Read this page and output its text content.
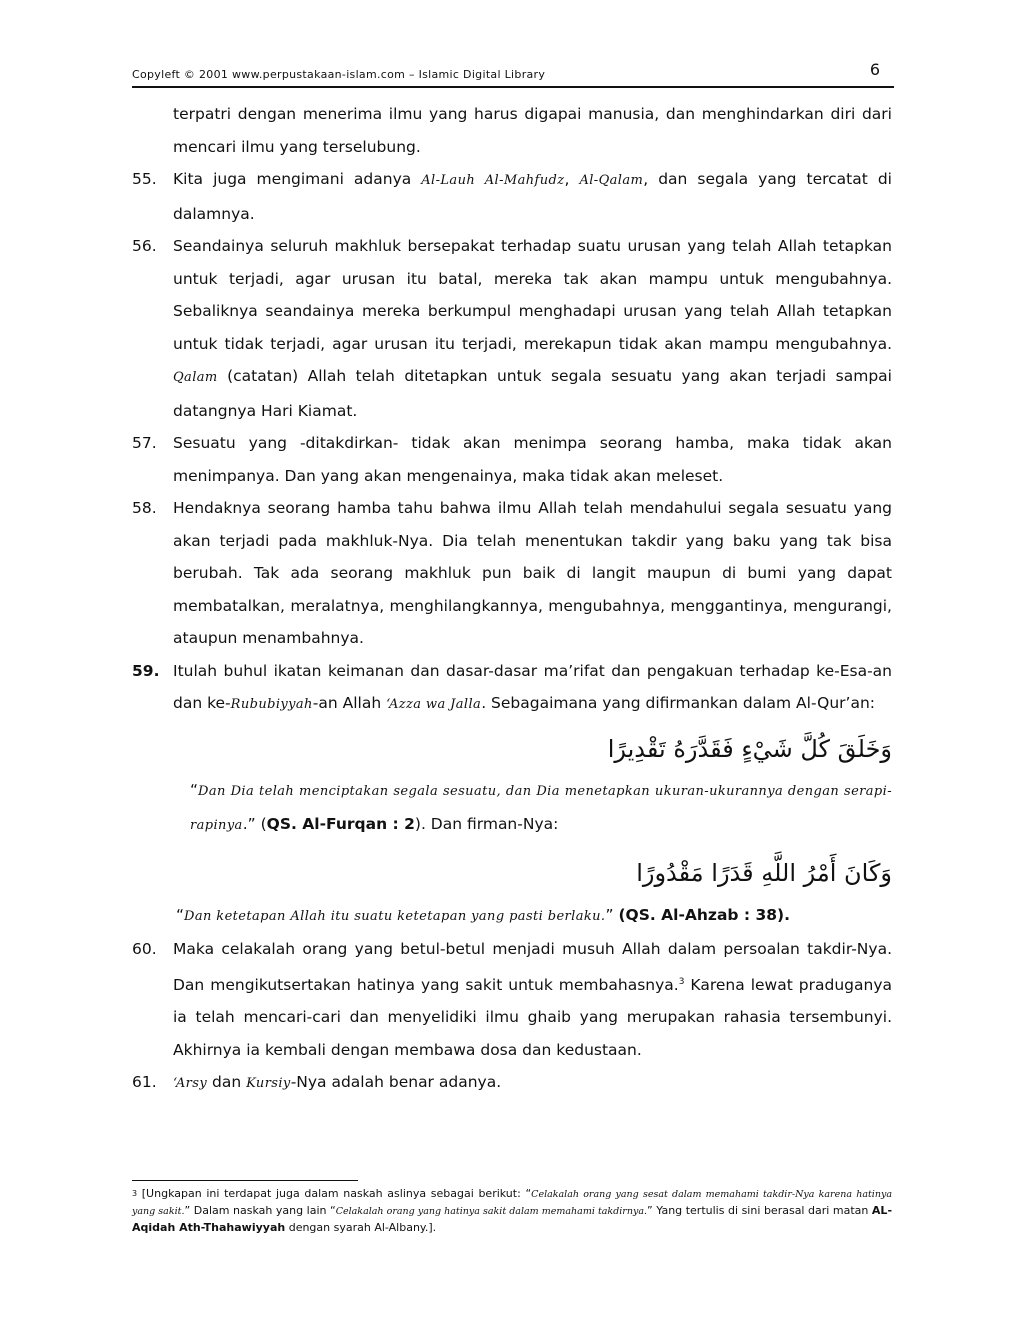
Copyleft © 2001 www.perpustakaan-islam.com – Islamic Digital Library	6
terpatri dengan menerima ilmu yang harus digapai manusia, dan menghindarkan diri dari mencari ilmu yang terselubung.
55. Kita juga mengimani adanya Al-Lauh Al-Mahfudz, Al-Qalam, dan segala yang tercatat di dalamnya.
56. Seandainya seluruh makhluk bersepakat terhadap suatu urusan yang telah Allah tetapkan untuk terjadi, agar urusan itu batal, mereka tak akan mampu untuk mengubahnya. Sebaliknya seandainya mereka berkumpul menghadapi urusan yang telah Allah tetapkan untuk tidak terjadi, agar urusan itu terjadi, merekapun tidak akan mampu mengubahnya. Qalam (catatan) Allah telah ditetapkan untuk segala sesuatu yang akan terjadi sampai datangnya Hari Kiamat.
57. Sesuatu yang -ditakdirkan- tidak akan menimpa seorang hamba, maka tidak akan menimpanya. Dan yang akan mengenainya, maka tidak akan meleset.
58. Hendaknya seorang hamba tahu bahwa ilmu Allah telah mendahului segala sesuatu yang akan terjadi pada makhluk-Nya. Dia telah menentukan takdir yang baku yang tak bisa berubah. Tak ada seorang makhluk pun baik di langit maupun di bumi yang dapat membatalkan, meralatnya, menghilangkannya, mengubahnya, menggantinya, mengurangi, ataupun menambahnya.
59. Itulah buhul ikatan keimanan dan dasar-dasar ma’rifat dan pengakuan terhadap ke-Esa-an dan ke-Rububiyyah-an Allah ‘Azza wa Jalla. Sebagaimana yang difirmankan dalam Al-Qur’an:
وَخَلَقَ كُلَّ شَيْءٍ فَقَدَّرَهُ تَقْدِيرًا
“Dan Dia telah menciptakan segala sesuatu, dan Dia menetapkan ukuran-ukurannya dengan serapi-rapinya.” (QS. Al-Furqan : 2). Dan firman-Nya:
وَكَانَ أَمْرُ اللَّهِ قَدَرًا مَقْدُورًا
“Dan ketetapan Allah itu suatu ketetapan yang pasti berlaku.” (QS. Al-Ahzab : 38).
60. Maka celakalah orang yang betul-betul menjadi musuh Allah dalam persoalan takdir-Nya. Dan mengikutsertakan hatinya yang sakit untuk membahasnya.$^3$ Karena lewat praduganya ia telah mencari-cari dan menyelidiki ilmu ghaib yang merupakan rahasia tersembunyi. Akhirnya ia kembali dengan membawa dosa dan kedustaan.
61. ‘Arsy dan Kursiy-Nya adalah benar adanya.
$^3$ [Ungkapan ini terdapat juga dalam naskah aslinya sebagai berikut: “Celakalah orang yang sesat dalam memahami takdir-Nya karena hatinya yang sakit.” Dalam naskah yang lain “Celakalah orang yang hatinya sakit dalam memahami takdirnya.” Yang tertulis di sini berasal dari matan AL-Aqidah Ath-Thahawiyyah dengan syarah Al-Albany.].
